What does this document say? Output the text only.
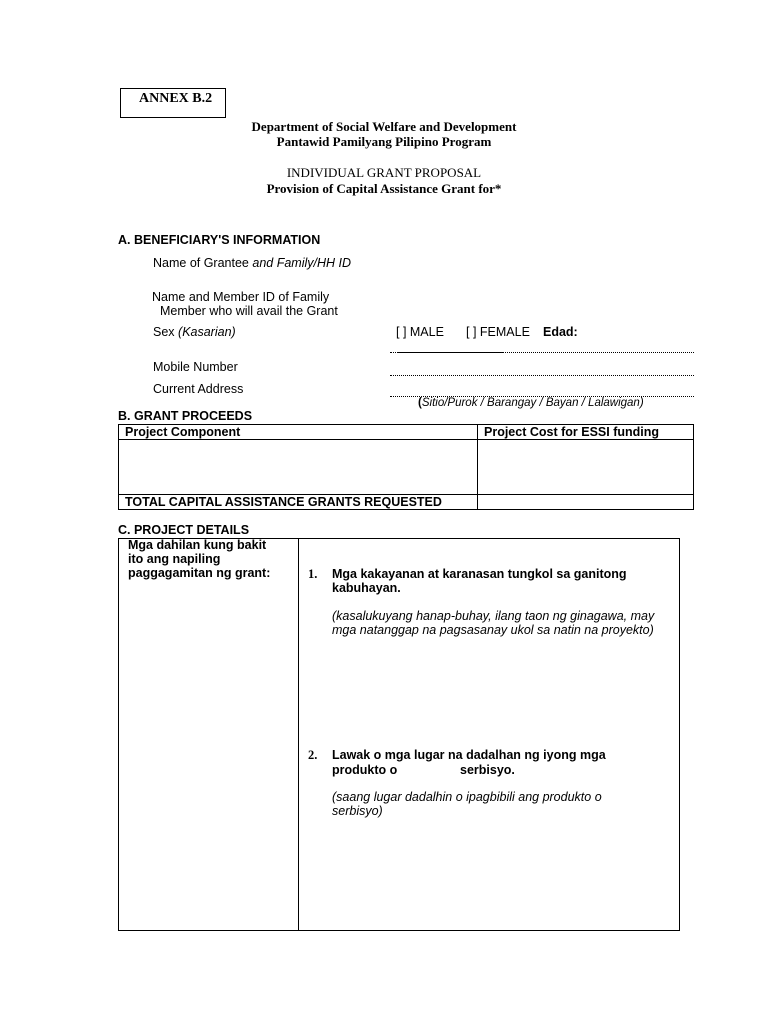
ANNEX B.2
Department of Social Welfare and Development
Pantawid Pamilyang Pilipino Program
INDIVIDUAL GRANT PROPOSAL
Provision of Capital Assistance Grant for*
A. BENEFICIARY'S INFORMATION
Name of Grantee and Family/HH ID
Name and Member ID of Family
Member who will avail the Grant
Sex (Kasarian)	[ ] MALE [ ] FEMALE Edad:
Mobile Number
Current Address
(Sitio/Purok / Barangay / Bayan / Lalawigan)
B. GRANT PROCEEDS
Project Component	Project Cost for ESSI funding

TOTAL CAPITAL ASSISTANCE GRANTS REQUESTED	
C. PROJECT DETAILS
Mga dahilan kung bakit ito ang napiling paggagamitan ng grant:	1. Mga kakayanan at karanasan tungkol sa ganitong kabuhayan.
(kasalukuyang hanap-buhay, ilang taon ng ginagawa, may mga natanggap na pagsasanay ukol sa natin na proyekto)
2. Lawak o mga lugar na dadalhan ng iyong mga
produkto o	serbisyo.
(saang lugar dadalhin o ipagbibili ang produkto o serbisyo)
